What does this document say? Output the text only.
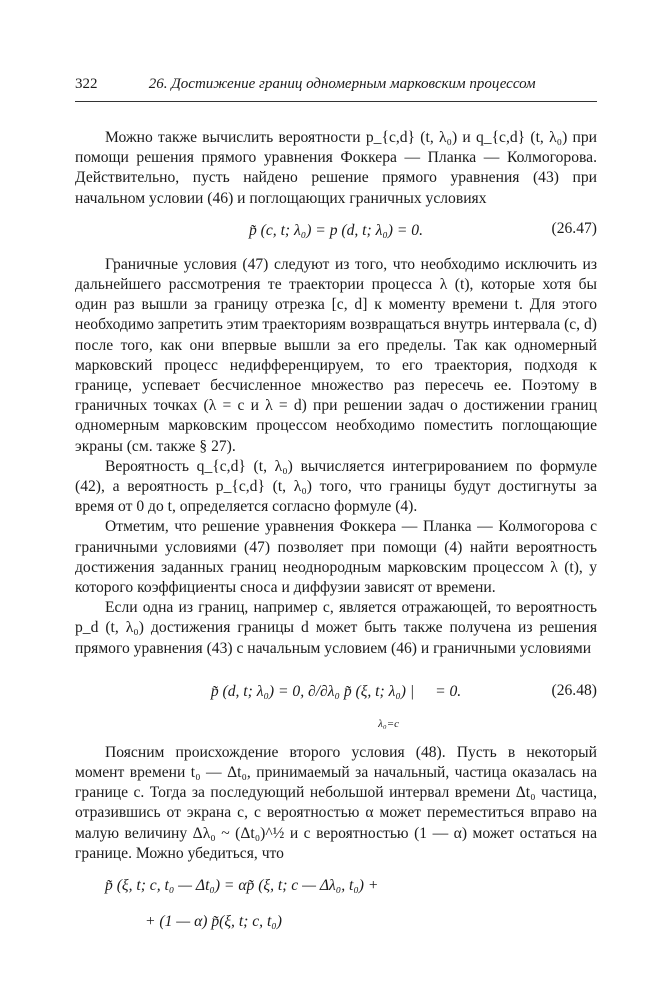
322	26. Достижение границ одномерным марковским процессом

Можно также вычислить вероятности p_{c,d} (t, λ₀) и q_{c,d} (t, λ₀) при помощи решения прямого уравнения Фоккера — Планка — Колмогорова. Действительно, пусть найдено решение прямого уравнения (43) при начальном условии (46) и поглощающих граничных условиях

p̃ (c, t; λ₀) = p (d, t; λ₀) = 0.	(26.47)

Граничные условия (47) следуют из того, что необходимо исключить из дальнейшего рассмотрения те траектории процесса λ (t), которые хотя бы один раз вышли за границу отрезка [c, d] к моменту времени t. Для этого необходимо запретить этим траекториям возвращаться внутрь интервала (c, d) после того, как они впервые вышли за его пределы. Так как одномерный марковский процесс недифференцируем, то его траектория, подходя к границе, успевает бесчисленное множество раз пересечь ее. Поэтому в граничных точках (λ = c и λ = d) при решении задач о достижении границ одномерным марковским процессом необходимо поместить поглощающие экраны (см. также § 27).

Вероятность q_{c,d} (t, λ₀) вычисляется интегрированием по формуле (42), а вероятность p_{c,d} (t, λ₀) того, что границы будут достигнуты за время от 0 до t, определяется согласно формуле (4).

Отметим, что решение уравнения Фоккера — Планка — Колмогорова с граничными условиями (47) позволяет при помощи (4) найти вероятность достижения заданных границ неоднородным марковским процессом λ (t), у которого коэффициенты сноса и диффузии зависят от времени.

Если одна из границ, например c, является отражающей, то вероятность p_d (t, λ₀) достижения границы d может быть также получена из решения прямого уравнения (43) с начальным условием (46) и граничными условиями

p̃ (d, t; λ₀) = 0, ∂/∂λ₀ p̃ (ξ, t; λ₀) |
λ₀=c
= 0.	(26.48)

Поясним происхождение второго условия (48). Пусть в некоторый момент времени t₀ — Δt₀, принимаемый за начальный, частица оказалась на границе c. Тогда за последующий небольшой интервал времени Δt₀ частица, отразившись от экрана c, с вероятностью α может переместиться вправо на малую величину Δλ₀ ~ (Δt₀)^½ и с вероятностью (1 — α) может остаться на границе. Можно убедиться, что

p̃ (ξ, t; c, t₀ — Δt₀) = αp̃ (ξ, t; c — Δλ₀, t₀) +
+ (1 — α) p̃(ξ, t; c, t₀)
